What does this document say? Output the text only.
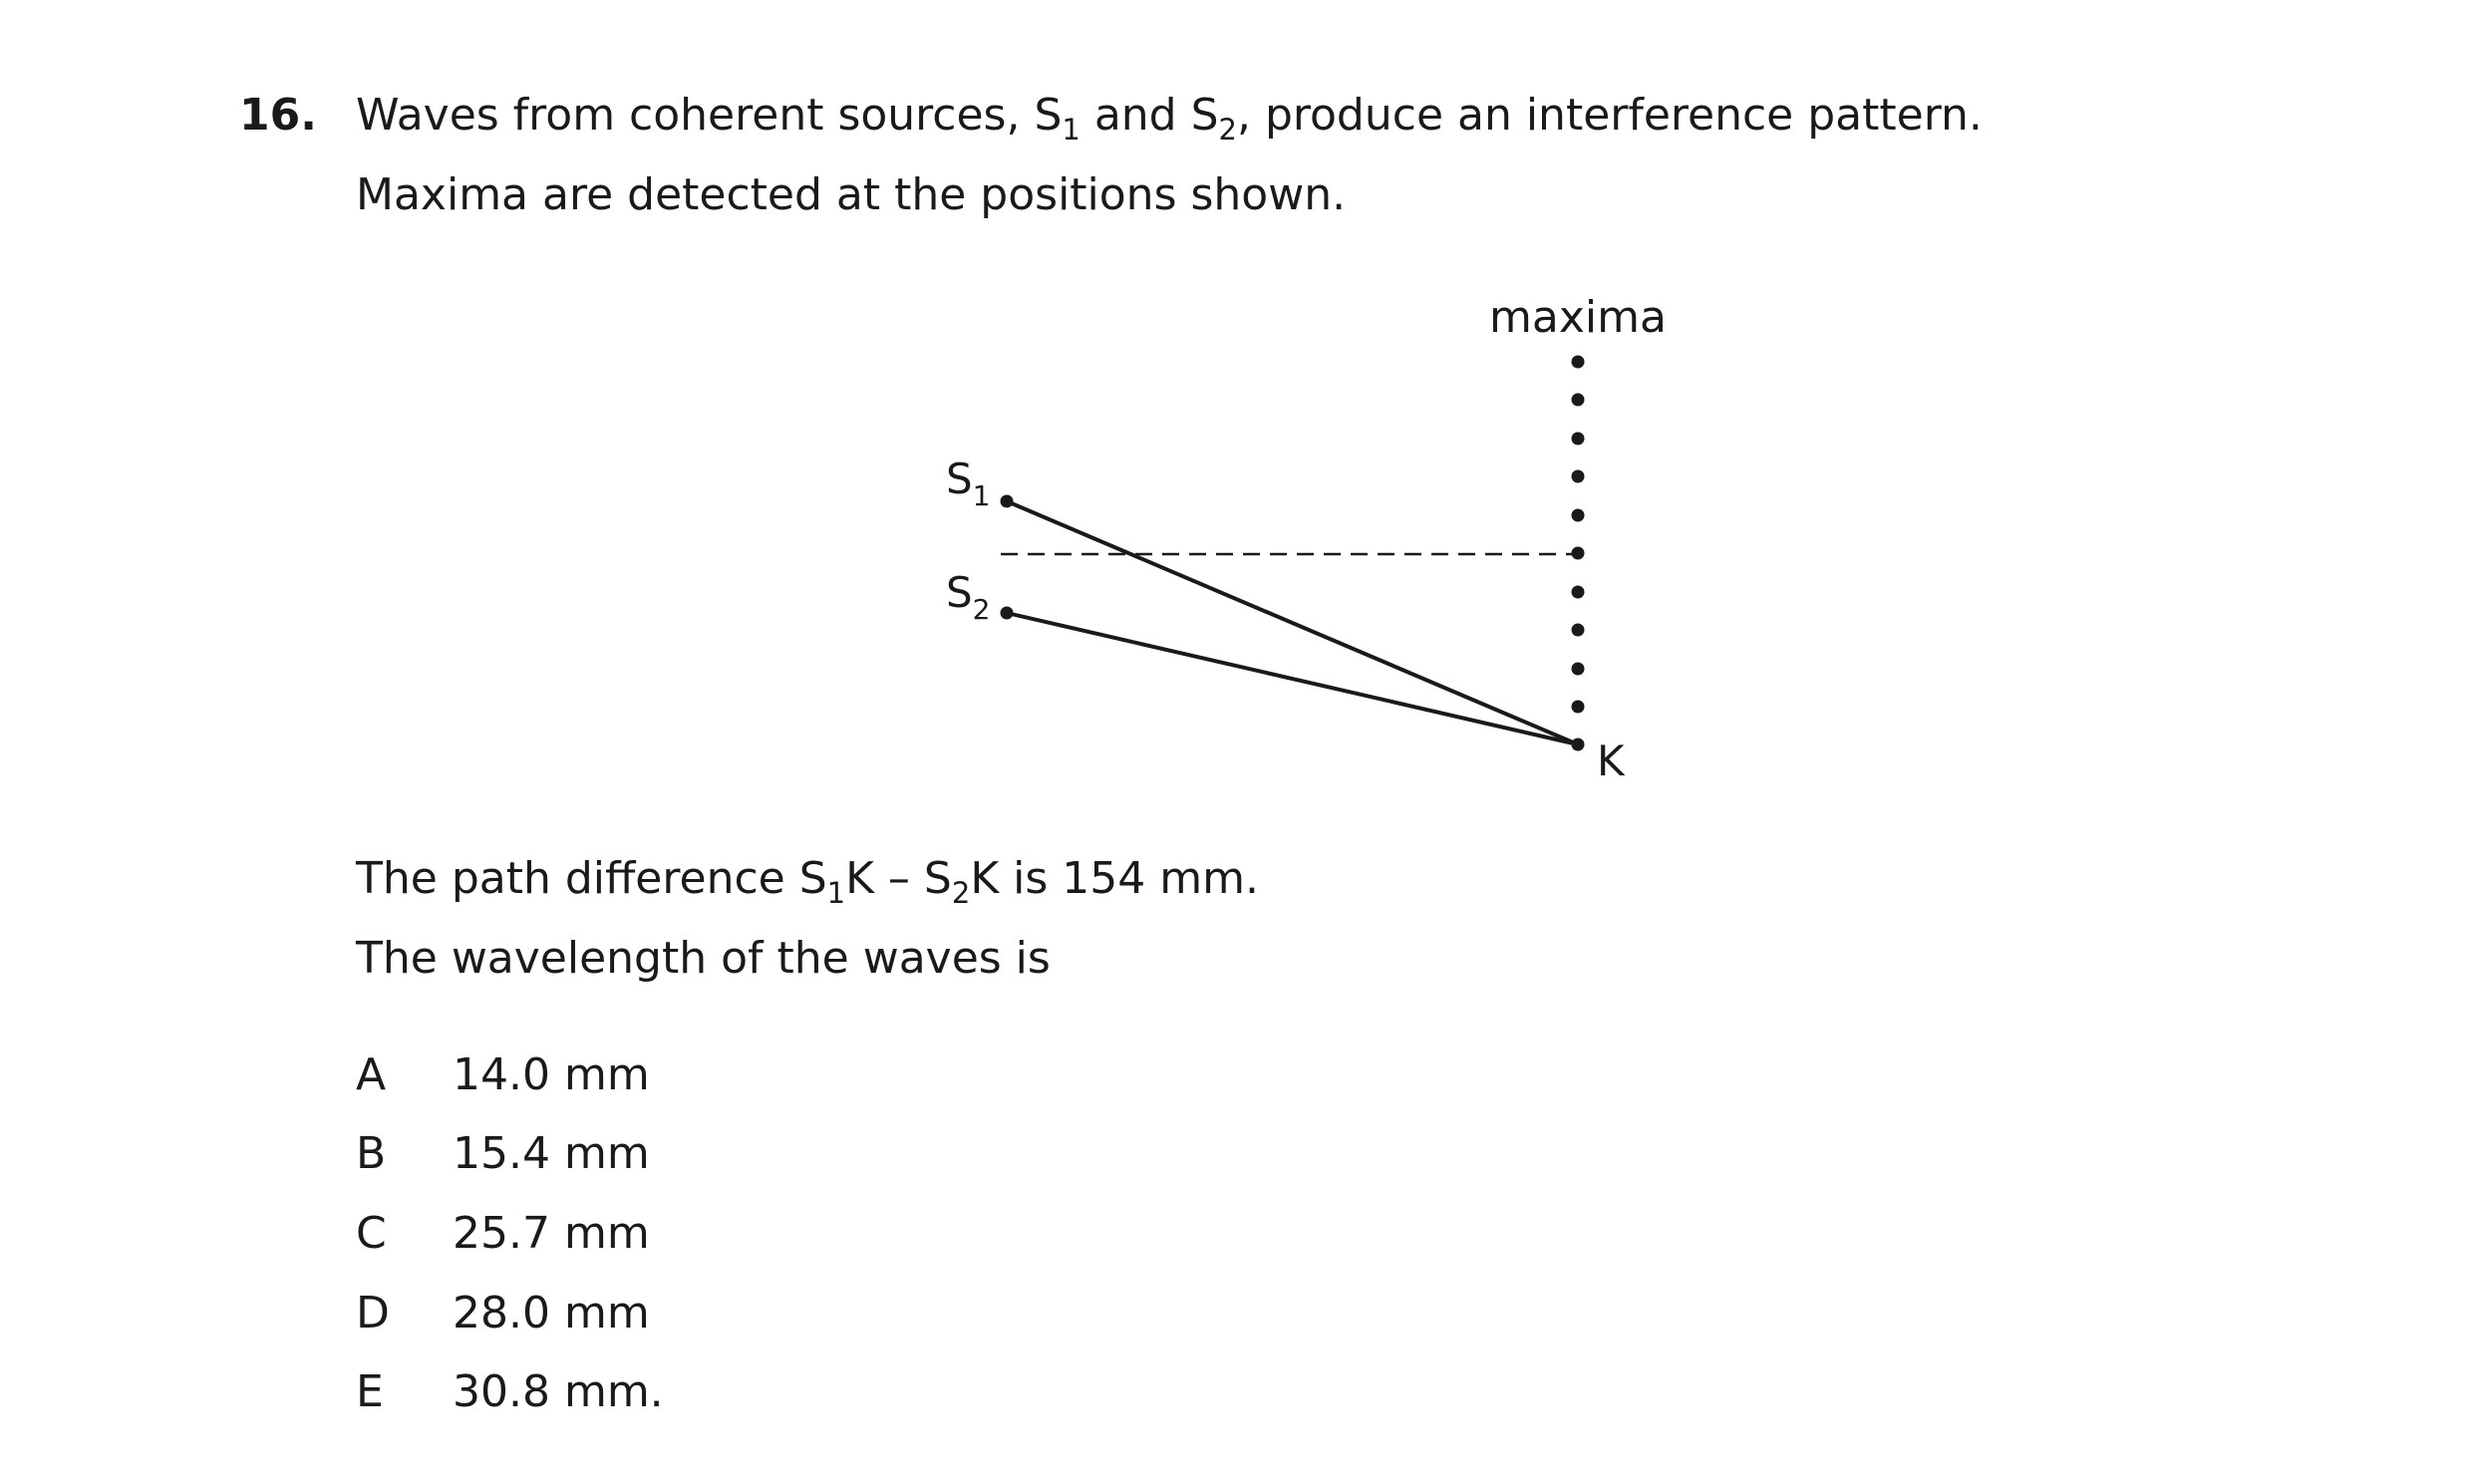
16. Waves from coherent sources, $S_1$ and $S_2$, produce an interference pattern.
Maxima are detected at the positions shown.
maxima
$S_1$
$S_2$
K
The path difference $S_1K - S_2K$ is 154 mm.
The wavelength of the waves is
A 14.0 mm
B 15.4 mm
C 25.7 mm
D 28.0 mm
E 30.8 mm.
